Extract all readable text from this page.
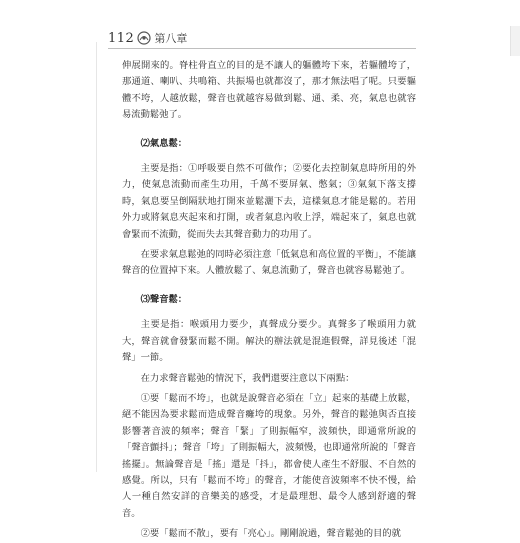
112 第八章

伸展開來的。脊柱骨直立的目的是不讓人的軀體垮下來，若軀體垮了，那通道、喇叭、共鳴箱、共振場也就都沒了，那才無法唱了呢。只要軀體不垮，人越放鬆，聲音也就越容易做到鬆、通、柔、亮，氣息也就容易流動鬆弛了。

⑵氣息鬆：

主要是指：①呼吸要自然不可做作；②要化去控制氣息時所用的外力，使氣息流動而產生功用，千萬不要屏氣、憋氣；③氣氣下落支撐時，氣息要呈倒隔狀地打開來並鬆灑下去，這樣氣息才能是鬆的。若用外力或將氣息夾起來和打開，或者氣息內收上浮，端起來了，氣息也就會緊而不流動，從而失去其聲音動力的功用了。

在要求氣息鬆弛的同時必須注意「低氣息和高位置的平衡」，不能讓聲音的位置掉下來。人體放鬆了、氣息流動了，聲音也就容易鬆弛了。

⑶聲音鬆：

主要是指：喉頭用力要少，真聲成分要少。真聲多了喉頭用力就大，聲音就會發緊而鬆不開。解決的辦法就是混進假聲，詳見後述「混聲」一節。

在力求聲音鬆弛的情況下，我們還要注意以下兩點：

①要「鬆而不垮」，也就是說聲音必須在「立」起來的基礎上放鬆，絕不能因為要求鬆而造成聲音癱垮的現象。另外，聲音的鬆弛與否直接影響著音波的頻率；聲音「緊」了則振幅窄，波頻快，即通常所說的「聲音顫抖」；聲音「垮」了則振幅大，波頻慢，也即通常所說的「聲音搖擺」。無論聲音是「搖」還是「抖」，都會使人產生不舒服、不自然的感覺。所以，只有「鬆而不垮」的聲音，才能使音波頻率不快不慢，給人一種自然安詳的音樂美的感受，才是最理想、最令人感到舒適的聲音。

②要「鬆而不散」，要有「亮心」。剛剛說過，聲音鬆弛的目的就
